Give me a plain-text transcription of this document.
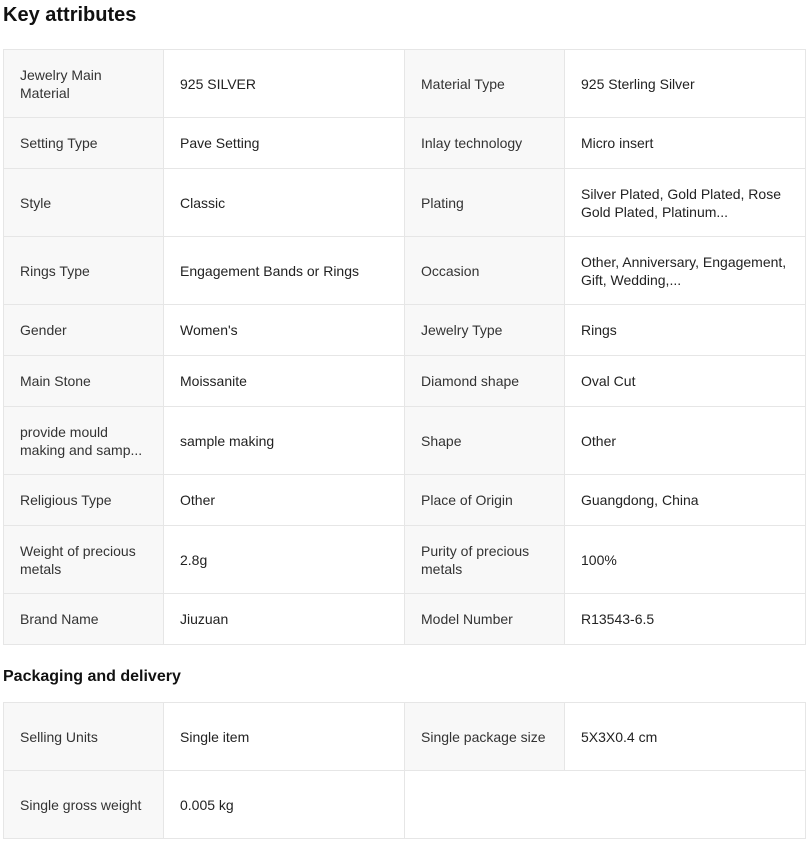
Key attributes
Jewelry Main Material	925 SILVER	Material Type	925 Sterling Silver

Setting Type	Pave Setting	Inlay technology	Micro insert

Style	Classic	Plating	Silver Plated, Gold Plated, Rose Gold Plated, Platinum...

Rings Type	Engagement Bands or Rings	Occasion	Other, Anniversary, Engagement, Gift, Wedding,...

Gender	Women's	Jewelry Type	Rings

Main Stone	Moissanite	Diamond shape	Oval Cut

provide mould making and samp...	sample making	Shape	Other

Religious Type	Other	Place of Origin	Guangdong, China

Weight of precious metals	2.8g	Purity of precious metals	100%

Brand Name	Jiuzuan	Model Number	R13543-6.5
Packaging and delivery
Selling Units	Single item	Single package size	5X3X0.4 cm

Single gross weight	0.005 kg		
